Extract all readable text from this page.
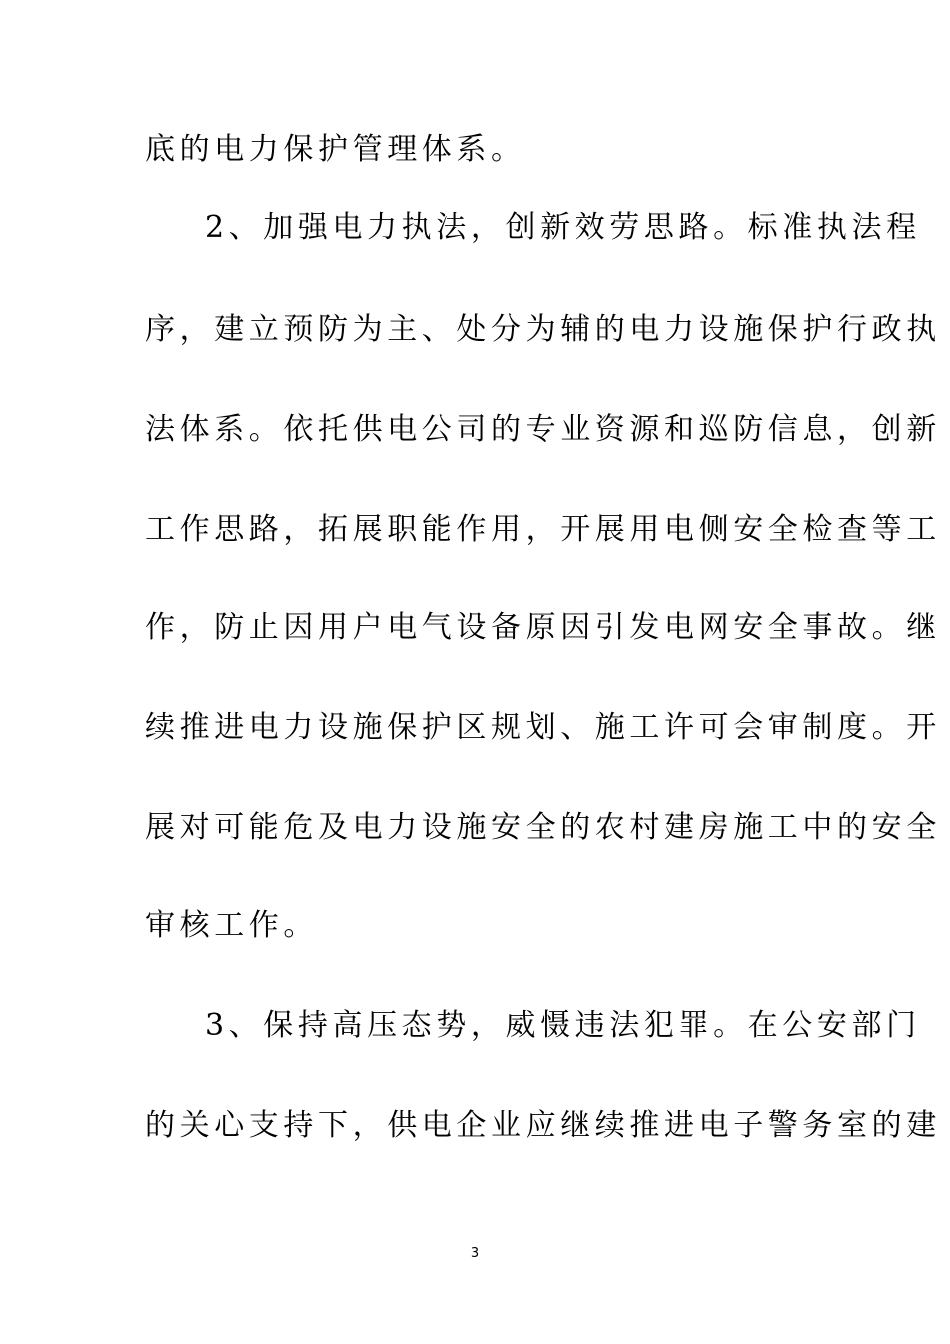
底的电力保护管理体系。
2、加强电力执法，创新效劳思路。标准执法程
序，建立预防为主、处分为辅的电力设施保护行政执
法体系。依托供电公司的专业资源和巡防信息，创新
工作思路，拓展职能作用，开展用电侧安全检查等工
作，防止因用户电气设备原因引发电网安全事故。继
续推进电力设施保护区规划、施工许可会审制度。开
展对可能危及电力设施安全的农村建房施工中的安全
审核工作。
3、保持高压态势，威慑违法犯罪。在公安部门
的关心支持下，供电企业应继续推进电子警务室的建
3
